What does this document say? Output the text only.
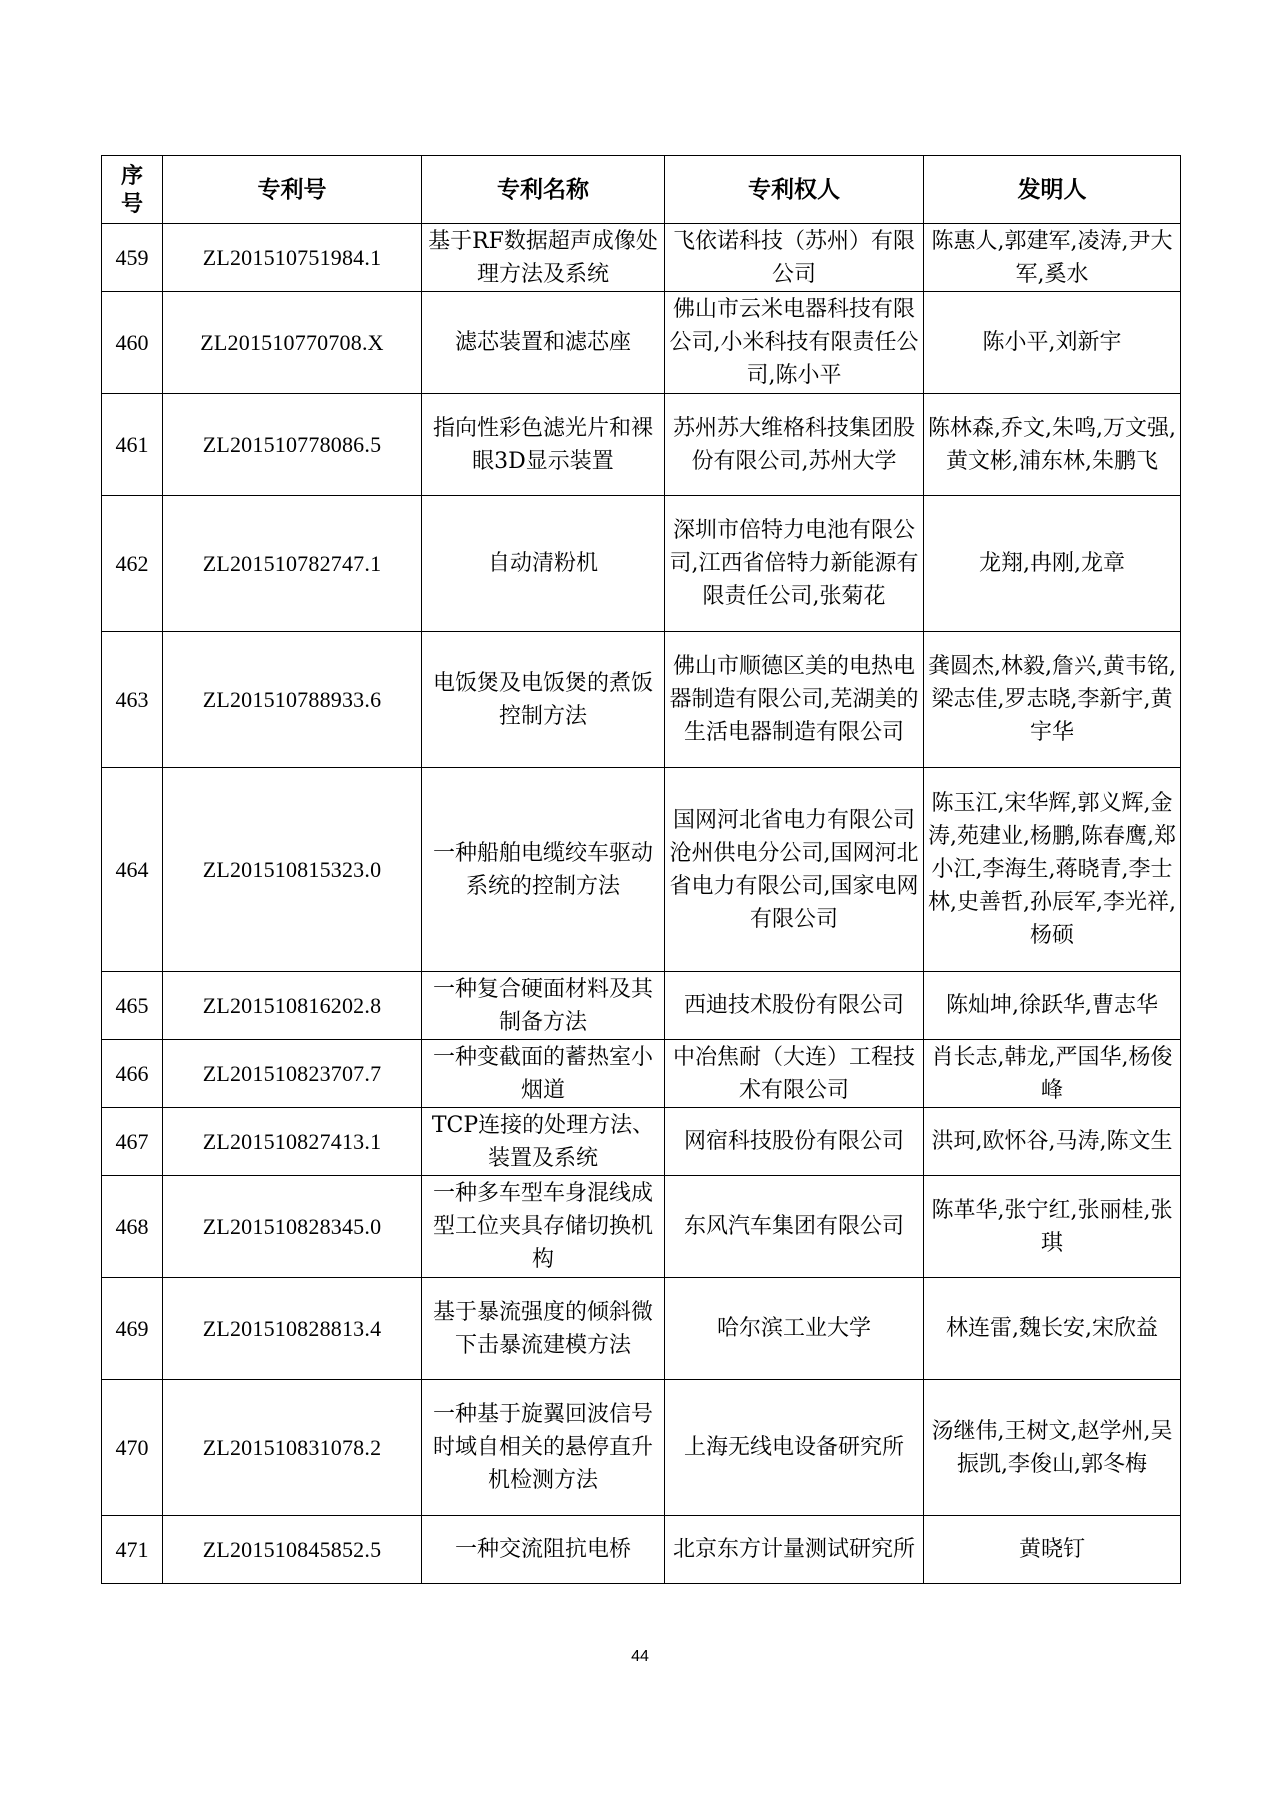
序号	专利号	专利名称	专利权人	发明人
459	ZL201510751984.1	基于RF数据超声成像处理方法及系统	飞依诺科技（苏州）有限公司	陈惠人,郭建军,凌涛,尹大军,奚水
460	ZL201510770708.X	滤芯装置和滤芯座	佛山市云米电器科技有限公司,小米科技有限责任公司,陈小平	陈小平,刘新宇
461	ZL201510778086.5	指向性彩色滤光片和裸眼3D显示装置	苏州苏大维格科技集团股份有限公司,苏州大学	陈林森,乔文,朱鸣,万文强,黄文彬,浦东林,朱鹏飞
462	ZL201510782747.1	自动清粉机	深圳市倍特力电池有限公司,江西省倍特力新能源有限责任公司,张菊花	龙翔,冉刚,龙章
463	ZL201510788933.6	电饭煲及电饭煲的煮饭控制方法	佛山市顺德区美的电热电器制造有限公司,芜湖美的生活电器制造有限公司	龚圆杰,林毅,詹兴,黄韦铭,梁志佳,罗志晓,李新宇,黄宇华
464	ZL201510815323.0	一种船舶电缆绞车驱动系统的控制方法	国网河北省电力有限公司沧州供电分公司,国网河北省电力有限公司,国家电网有限公司	陈玉江,宋华辉,郭义辉,金涛,苑建业,杨鹏,陈春鹰,郑小江,李海生,蒋晓青,李士林,史善哲,孙辰军,李光祥,杨硕
465	ZL201510816202.8	一种复合硬面材料及其制备方法	西迪技术股份有限公司	陈灿坤,徐跃华,曹志华
466	ZL201510823707.7	一种变截面的蓄热室小烟道	中冶焦耐（大连）工程技术有限公司	肖长志,韩龙,严国华,杨俊峰
467	ZL201510827413.1	TCP连接的处理方法、装置及系统	网宿科技股份有限公司	洪珂,欧怀谷,马涛,陈文生
468	ZL201510828345.0	一种多车型车身混线成型工位夹具存储切换机构	东风汽车集团有限公司	陈革华,张宁红,张丽桂,张琪
469	ZL201510828813.4	基于暴流强度的倾斜微下击暴流建模方法	哈尔滨工业大学	林连雷,魏长安,宋欣益
470	ZL201510831078.2	一种基于旋翼回波信号时域自相关的悬停直升机检测方法	上海无线电设备研究所	汤继伟,王树文,赵学州,吴振凯,李俊山,郭冬梅
471	ZL201510845852.5	一种交流阻抗电桥	北京东方计量测试研究所	黄晓钉
44
